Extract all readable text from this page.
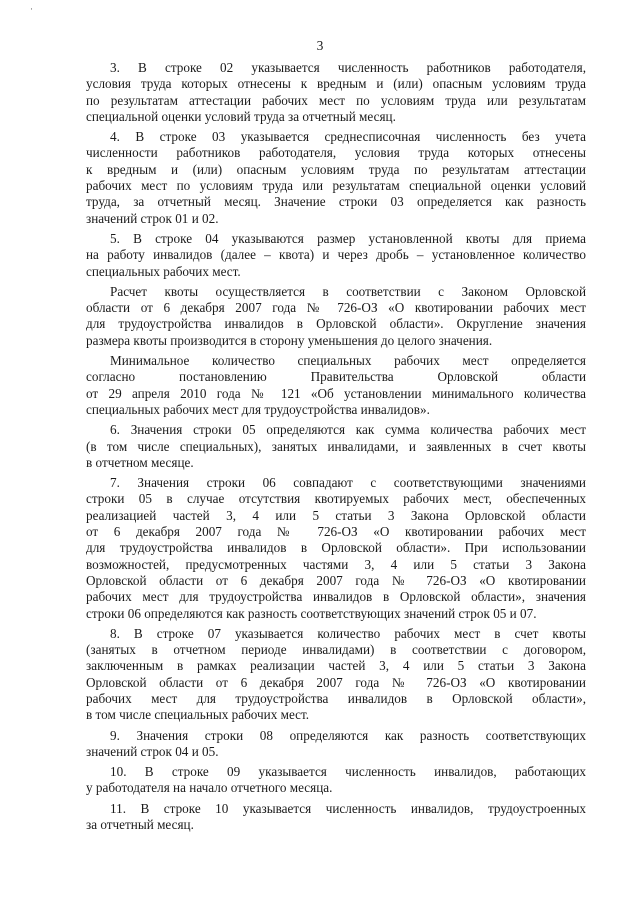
·
3
3. В строке 02 указывается численность работников работодателя,
условия труда которых отнесены к вредным и (или) опасным условиям труда
по результатам аттестации рабочих мест по условиям труда или результатам
специальной оценки условий труда за отчетный месяц.
4. В строке 03 указывается среднесписочная численность без учета
численности работников работодателя, условия труда которых отнесены
к вредным и (или) опасным условиям труда по результатам аттестации
рабочих мест по условиям труда или результатам специальной оценки условий
труда, за отчетный месяц. Значение строки 03 определяется как разность
значений строк 01 и 02.
5. В строке 04 указываются размер установленной квоты для приема
на работу инвалидов (далее – квота) и через дробь – установленное количество
специальных рабочих мест.
Расчет квоты осуществляется в соответствии с Законом Орловской
области от 6 декабря 2007 года № 726-ОЗ «О квотировании рабочих мест
для трудоустройства инвалидов в Орловской области». Округление значения
размера квоты производится в сторону уменьшения до целого значения.
Минимальное количество специальных рабочих мест определяется
согласно постановлению Правительства Орловской области
от 29 апреля 2010 года № 121 «Об установлении минимального количества
специальных рабочих мест для трудоустройства инвалидов».
6. Значения строки 05 определяются как сумма количества рабочих мест
(в том числе специальных), занятых инвалидами, и заявленных в счет квоты
в отчетном месяце.
7. Значения строки 06 совпадают с соответствующими значениями
строки 05 в случае отсутствия квотируемых рабочих мест, обеспеченных
реализацией частей 3, 4 или 5 статьи 3 Закона Орловской области
от 6 декабря 2007 года № 726-ОЗ «О квотировании рабочих мест
для трудоустройства инвалидов в Орловской области». При использовании
возможностей, предусмотренных частями 3, 4 или 5 статьи 3 Закона
Орловской области от 6 декабря 2007 года № 726-ОЗ «О квотировании
рабочих мест для трудоустройства инвалидов в Орловской области», значения
строки 06 определяются как разность соответствующих значений строк 05 и 07.
8. В строке 07 указывается количество рабочих мест в счет квоты
(занятых в отчетном периоде инвалидами) в соответствии с договором,
заключенным в рамках реализации частей 3, 4 или 5 статьи 3 Закона
Орловской области от 6 декабря 2007 года № 726-ОЗ «О квотировании
рабочих мест для трудоустройства инвалидов в Орловской области»,
в том числе специальных рабочих мест.
9. Значения строки 08 определяются как разность соответствующих
значений строк 04 и 05.
10. В строке 09 указывается численность инвалидов, работающих
у работодателя на начало отчетного месяца.
11. В строке 10 указывается численность инвалидов, трудоустроенных
за отчетный месяц.
